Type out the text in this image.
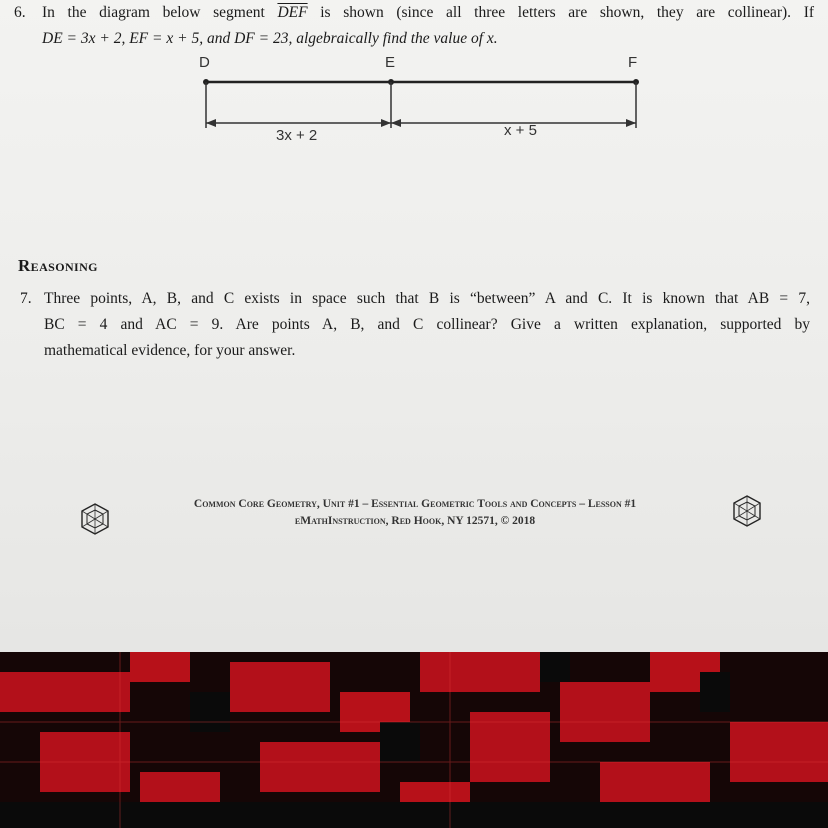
6. In the diagram below segment $\overline{DEF}$ is shown (since all three letters are shown, they are collinear). If
DE = 3x + 2, EF = x + 5, and DF = 23, algebraically find the value of x.
D	E	F
3x + 2	x + 5
Reasoning
7. Three points, A, B, and C exists in space such that B is “between” A and C. It is known that AB = 7,
BC = 4 and AC = 9. Are points A, B, and C collinear? Give a written explanation, supported by
mathematical evidence, for your answer.
Common Core Geometry, Unit #1 – Essential Geometric Tools and Concepts – Lesson #1
eMathInstruction, Red Hook, NY 12571, © 2018
